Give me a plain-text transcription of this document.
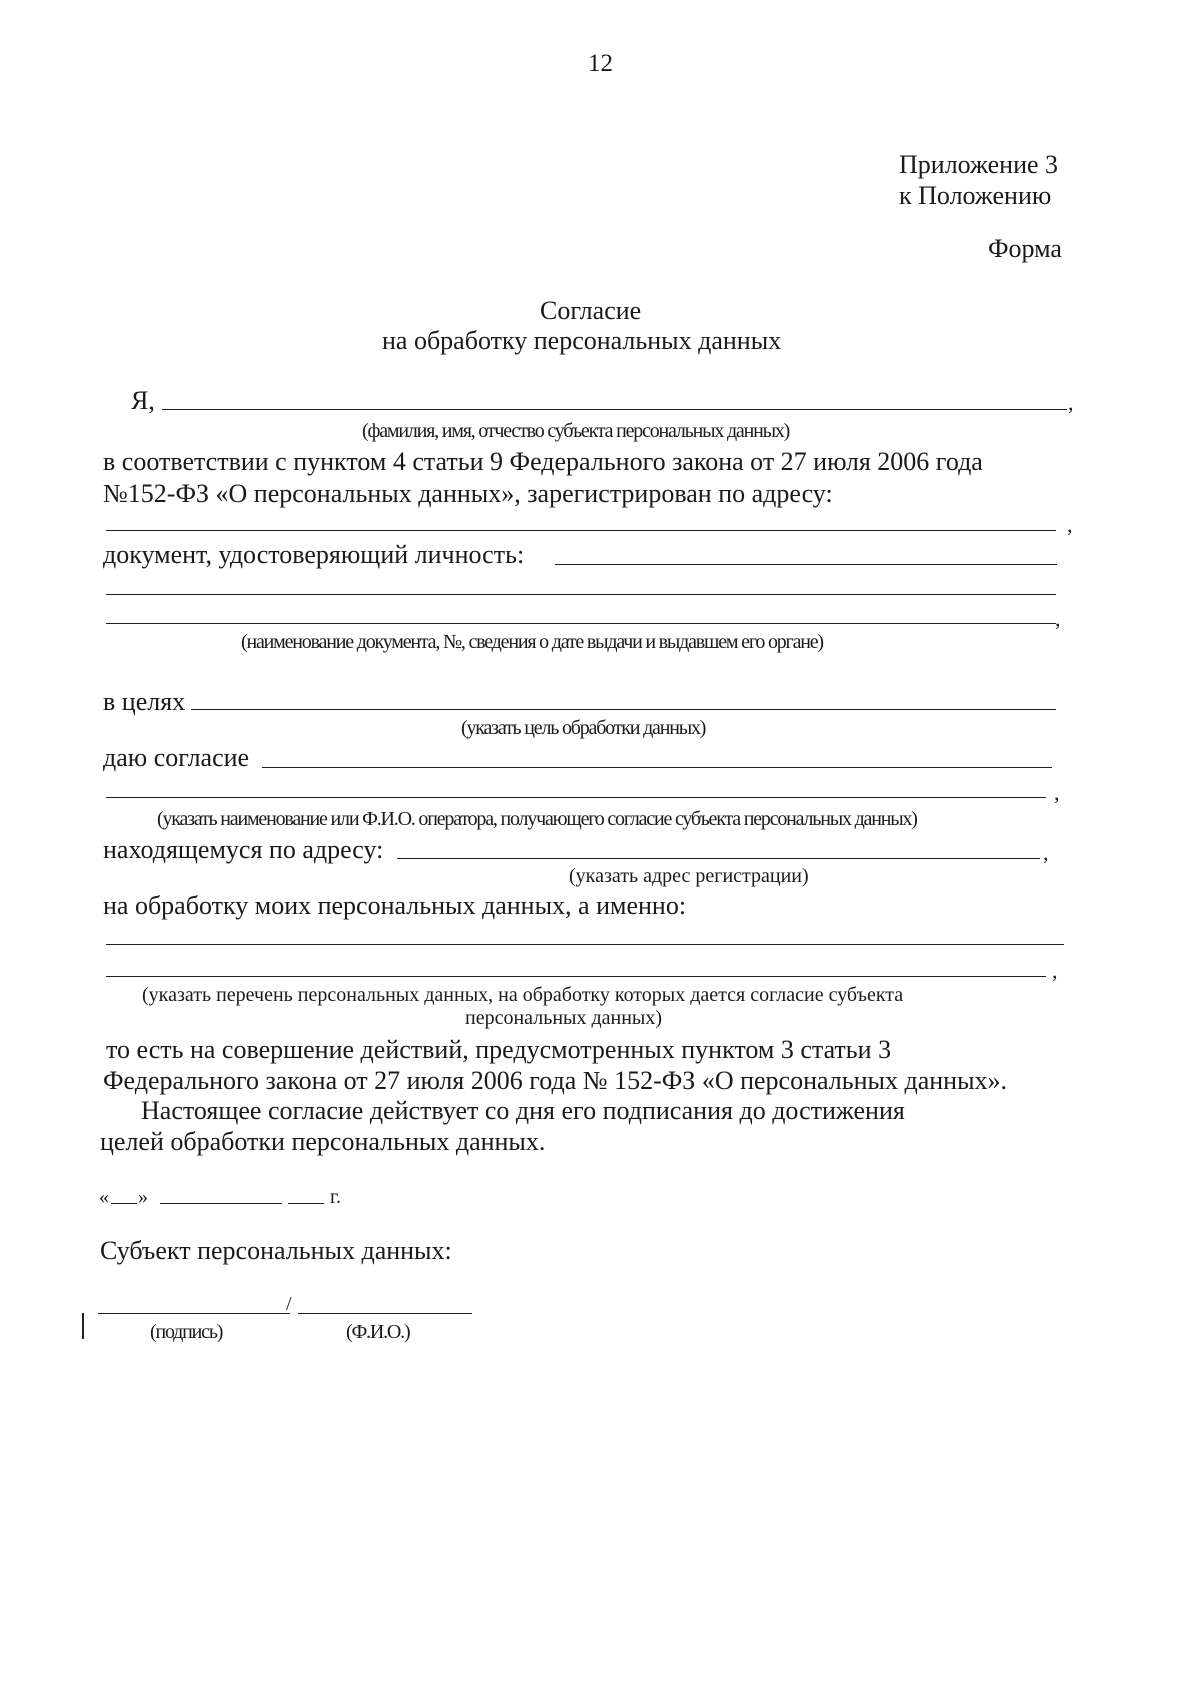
12
Приложение 3
к Положению
Форма
Согласие
на обработку персональных данных
Я,	,
(фамилия, имя, отчество субъекта персональных данных)
в соответствии с пунктом 4 статьи 9 Федерального закона от 27 июля 2006 года
№152-ФЗ «О персональных данных», зарегистрирован по адресу:
,
документ, удостоверяющий личность:
,
(наименование документа, №, сведения о дате выдачи и выдавшем его органе)
в целях
(указать цель обработки данных)
даю согласие
,
(указать наименование или Ф.И.О. оператора, получающего согласие субъекта персональных данных)
находящемуся по адресу:	,
(указать адрес регистрации)
на обработку моих персональных данных, а именно:
,
(указать перечень персональных данных, на обработку которых дается согласие субъекта
персональных данных)
то есть на совершение действий, предусмотренных пунктом 3 статьи 3
Федерального закона от 27 июля 2006 года № 152-ФЗ «О персональных данных».
Настоящее согласие действует со дня его подписания до достижения
целей обработки персональных данных.
« »	г.
Субъект персональных данных:
/
(подпись)	(Ф.И.О.)
